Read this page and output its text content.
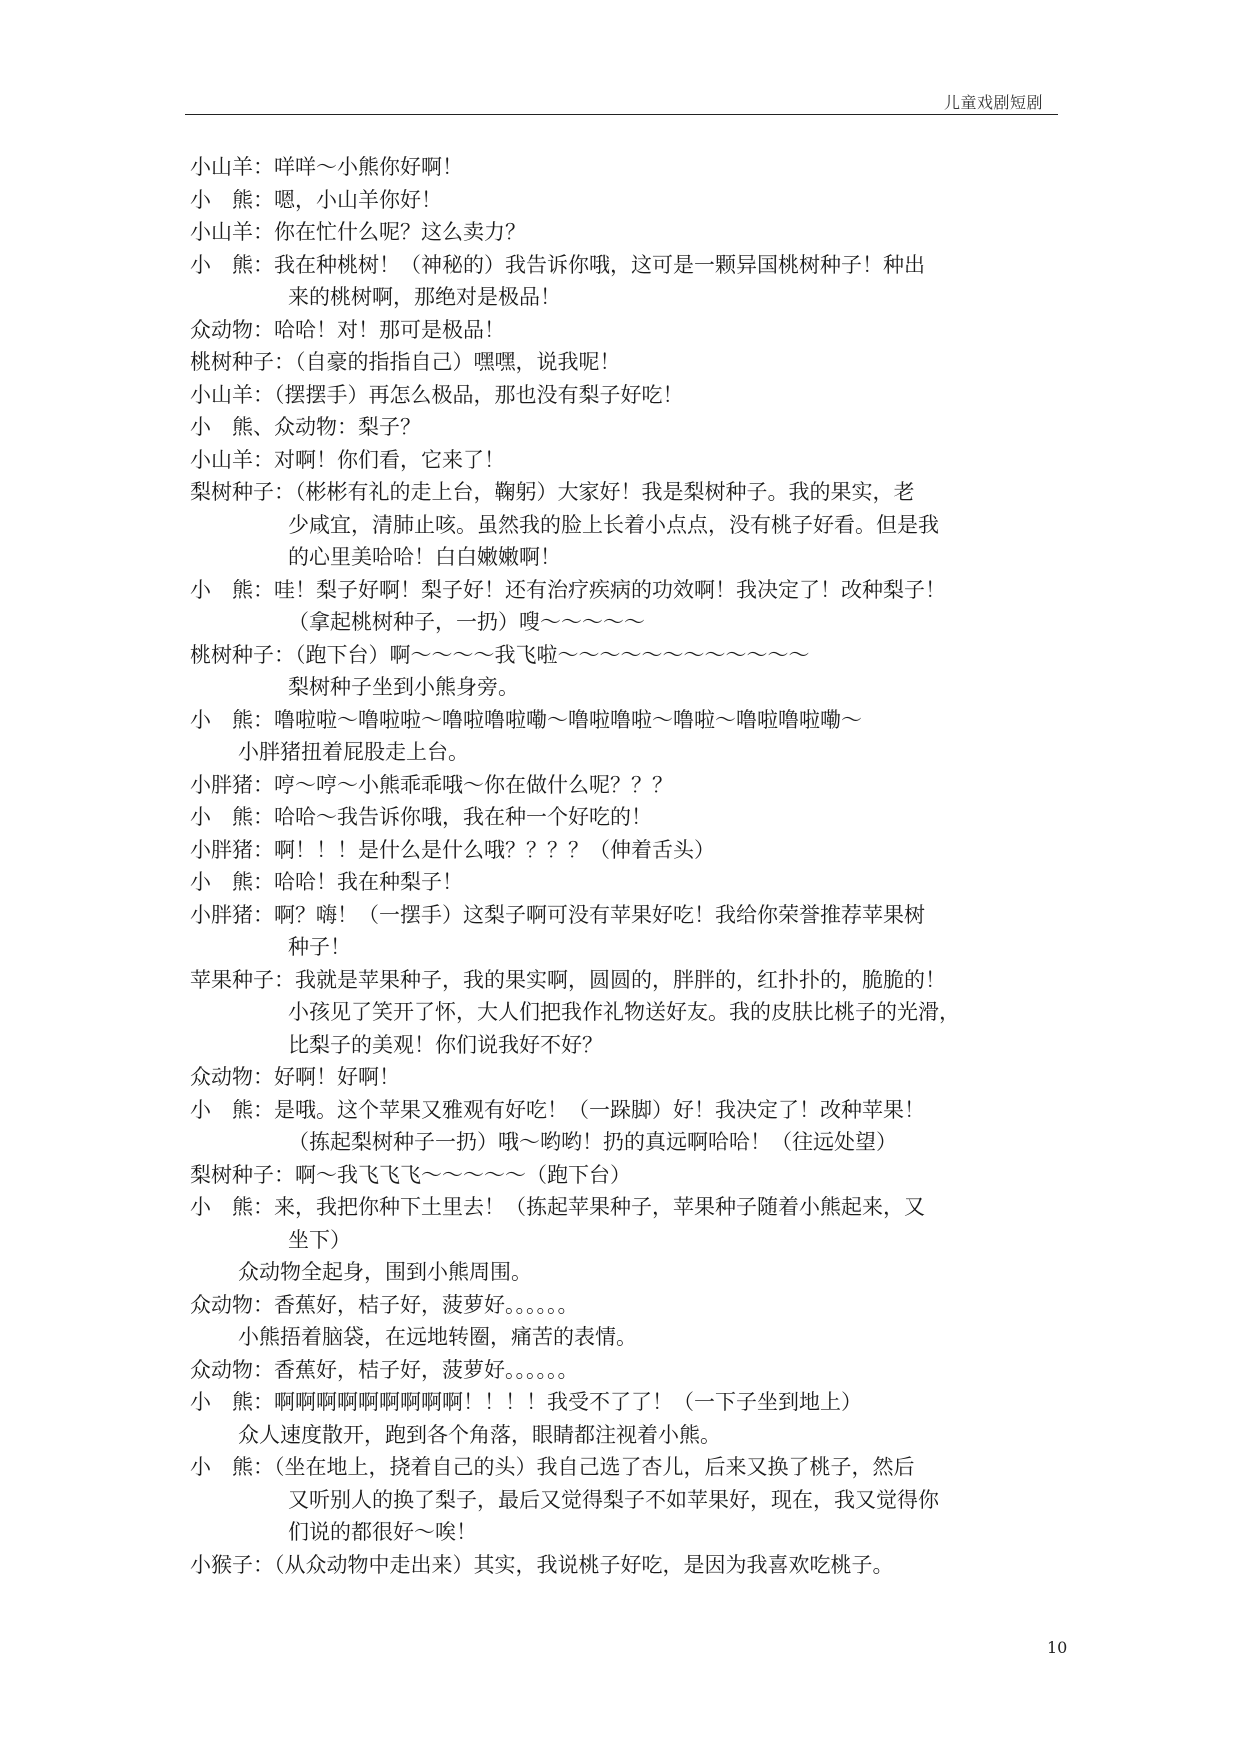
儿童戏剧短剧

小山羊：咩咩～小熊你好啊！

小　熊：嗯，小山羊你好！

小山羊：你在忙什么呢？这么卖力？

小　熊：我在种桃树！（神秘的）我告诉你哦，这可是一颗异国桃树种子！种出

来的桃树啊，那绝对是极品！

众动物：哈哈！对！那可是极品！

桃树种子：（自豪的指指自己）嘿嘿，说我呢！

小山羊：（摆摆手）再怎么极品，那也没有梨子好吃！

小　熊、众动物：梨子？

小山羊：对啊！你们看，它来了！

梨树种子：（彬彬有礼的走上台，鞠躬）大家好！我是梨树种子。我的果实，老

少咸宜，清肺止咳。虽然我的脸上长着小点点，没有桃子好看。但是我

的心里美哈哈！白白嫩嫩啊！

小　熊：哇！梨子好啊！梨子好！还有治疗疾病的功效啊！我决定了！改种梨子！

（拿起桃树种子，一扔）嗖～～～～～

桃树种子：（跑下台）啊～～～～我飞啦～～～～～～～～～～～～

梨树种子坐到小熊身旁。

小　熊：噜啦啦～噜啦啦～噜啦噜啦嘞～噜啦噜啦～噜啦～噜啦噜啦嘞～

小胖猪扭着屁股走上台。

小胖猪：哼～哼～小熊乖乖哦～你在做什么呢？？？

小　熊：哈哈～我告诉你哦，我在种一个好吃的！

小胖猪：啊！！！是什么是什么哦？？？？（伸着舌头）

小　熊：哈哈！我在种梨子！

小胖猪：啊？嗨！（一摆手）这梨子啊可没有苹果好吃！我给你荣誉推荐苹果树

种子！

苹果种子：我就是苹果种子，我的果实啊，圆圆的，胖胖的，红扑扑的，脆脆的！

小孩见了笑开了怀，大人们把我作礼物送好友。我的皮肤比桃子的光滑，

比梨子的美观！你们说我好不好？

众动物：好啊！好啊！

小　熊：是哦。这个苹果又雅观有好吃！（一跺脚）好！我决定了！改种苹果！

（拣起梨树种子一扔）哦～哟哟！扔的真远啊哈哈！（往远处望）

梨树种子：啊～我飞飞飞～～～～～（跑下台）

小　熊：来，我把你种下土里去！（拣起苹果种子，苹果种子随着小熊起来，又

坐下）

众动物全起身，围到小熊周围。

众动物：香蕉好，桔子好，菠萝好。。。。。。

小熊捂着脑袋，在远地转圈，痛苦的表情。

众动物：香蕉好，桔子好，菠萝好。。。。。。

小　熊：啊啊啊啊啊啊啊啊啊！！！！我受不了了！（一下子坐到地上）

众人速度散开，跑到各个角落，眼睛都注视着小熊。

小　熊：（坐在地上，挠着自己的头）我自己选了杏儿，后来又换了桃子，然后

又听别人的换了梨子，最后又觉得梨子不如苹果好，现在，我又觉得你

们说的都很好～唉！

小猴子：（从众动物中走出来）其实，我说桃子好吃，是因为我喜欢吃桃子。

10
